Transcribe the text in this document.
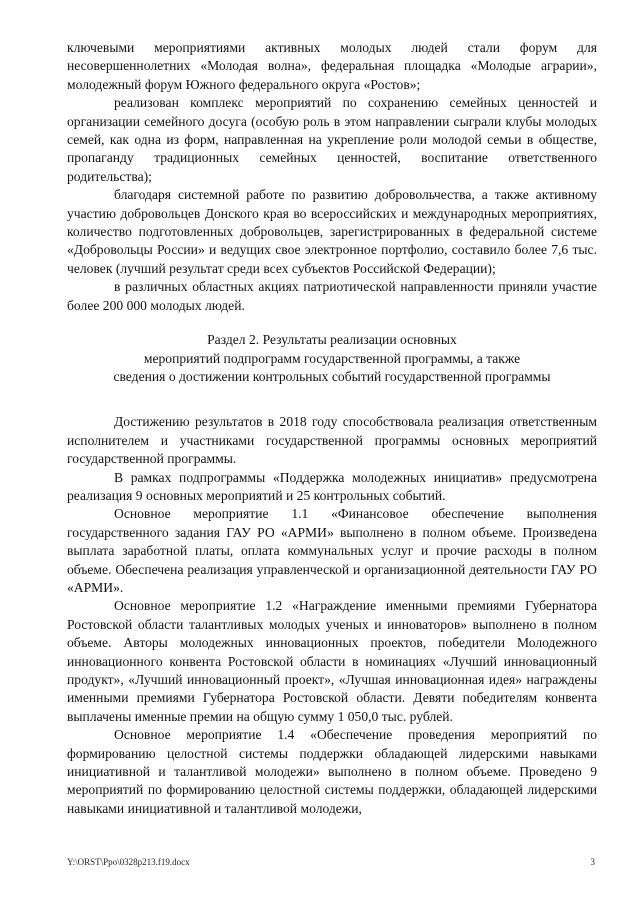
ключевыми мероприятиями активных молодых людей стали форум для несовершеннолетних «Молодая волна», федеральная площадка «Молодые аграрии», молодежный форум Южного федерального округа «Ростов»;

реализован комплекс мероприятий по сохранению семейных ценностей и организации семейного досуга (особую роль в этом направлении сыграли клубы молодых семей, как одна из форм, направленная на укрепление роли молодой семьи в обществе, пропаганду традиционных семейных ценностей, воспитание ответственного родительства);

благодаря системной работе по развитию добровольчества, а также активному участию добровольцев Донского края во всероссийских и международных мероприятиях, количество подготовленных добровольцев, зарегистрированных в федеральной системе «Добровольцы России» и ведущих свое электронное портфолио, составило более 7,6 тыс. человек (лучший результат среди всех субъектов Российской Федерации);

в различных областных акциях патриотической направленности приняли участие более 200 000 молодых людей.

Раздел 2. Результаты реализации основных
мероприятий подпрограмм государственной программы, а также
сведения о достижении контрольных событий государственной программы

Достижению результатов в 2018 году способствовала реализация ответственным исполнителем и участниками государственной программы основных мероприятий государственной программы.

В рамках подпрограммы «Поддержка молодежных инициатив» предусмотрена реализация 9 основных мероприятий и 25 контрольных событий.

Основное мероприятие 1.1 «Финансовое обеспечение выполнения государственного задания ГАУ РО «АРМИ» выполнено в полном объеме. Произведена выплата заработной платы, оплата коммунальных услуг и прочие расходы в полном объеме. Обеспечена реализация управленческой и организационной деятельности ГАУ РО «АРМИ».

Основное мероприятие 1.2 «Награждение именными премиями Губернатора Ростовской области талантливых молодых ученых и инноваторов» выполнено в полном объеме. Авторы молодежных инновационных проектов, победители Молодежного инновационного конвента Ростовской области в номинациях «Лучший инновационный продукт», «Лучший инновационный проект», «Лучшая инновационная идея» награждены именными премиями Губернатора Ростовской области. Девяти победителям конвента выплачены именные премии на общую сумму 1 050,0 тыс. рублей.

Основное мероприятие 1.4 «Обеспечение проведения мероприятий по формированию целостной системы поддержки обладающей лидерскими навыками инициативной и талантливой молодежи» выполнено в полном объеме. Проведено 9 мероприятий по формированию целостной системы поддержки, обладающей лидерскими навыками инициативной и талантливой молодежи,

Y:\ORST\Ppo\0328p213.f19.docx	3
